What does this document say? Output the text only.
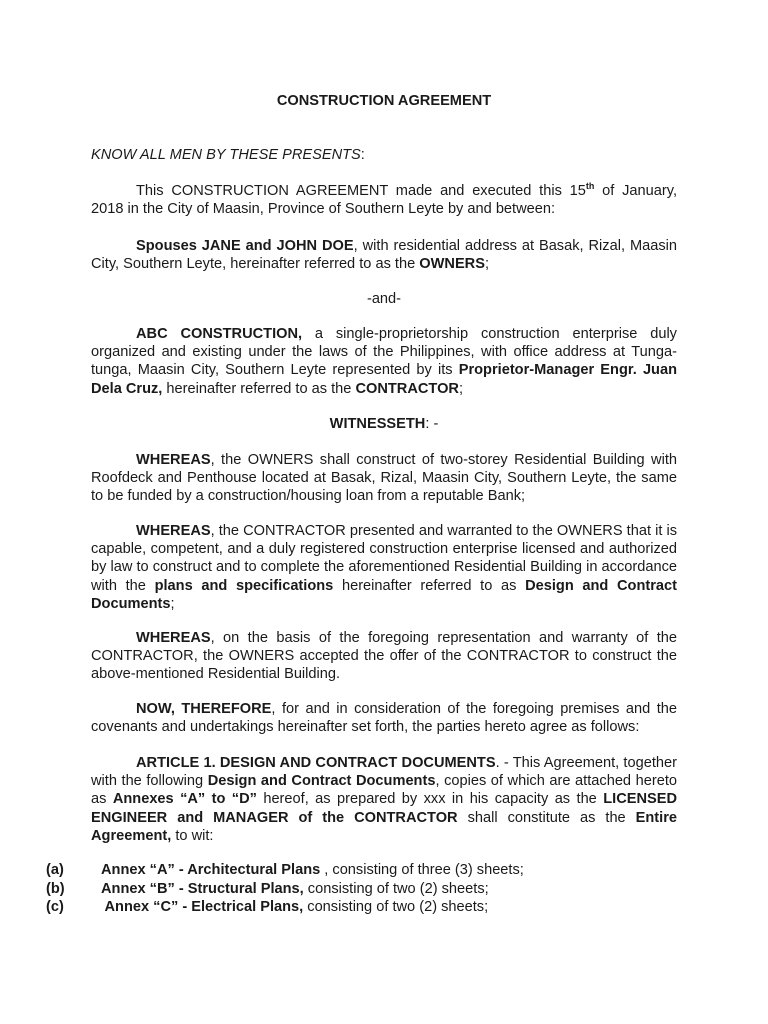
CONSTRUCTION AGREEMENT
KNOW ALL MEN BY THESE PRESENTS:

This CONSTRUCTION AGREEMENT made and executed this 15th of January, 2018 in the City of Maasin, Province of Southern Leyte by and between:

Spouses JANE and JOHN DOE, with residential address at Basak, Rizal, Maasin City, Southern Leyte, hereinafter referred to as the OWNERS;

-and-

ABC CONSTRUCTION, a single-proprietorship construction enterprise duly organized and existing under the laws of the Philippines, with office address at Tunga-tunga, Maasin City, Southern Leyte represented by its Proprietor-Manager Engr. Juan Dela Cruz, hereinafter referred to as the CONTRACTOR;

WITNESSETH: -

WHEREAS, the OWNERS shall construct of two-storey Residential Building with Roofdeck and Penthouse located at Basak, Rizal, Maasin City, Southern Leyte, the same to be funded by a construction/housing loan from a reputable Bank;

WHEREAS, the CONTRACTOR presented and warranted to the OWNERS that it is capable, competent, and a duly registered construction enterprise licensed and authorized by law to construct and to complete the aforementioned Residential Building in accordance with the plans and specifications hereinafter referred to as Design and Contract Documents;

WHEREAS, on the basis of the foregoing representation and warranty of the CONTRACTOR, the OWNERS accepted the offer of the CONTRACTOR to construct the above-mentioned Residential Building.

NOW, THEREFORE, for and in consideration of the foregoing premises and the covenants and undertakings hereinafter set forth, the parties hereto agree as follows:

ARTICLE 1. DESIGN AND CONTRACT DOCUMENTS. - This Agreement, together with the following Design and Contract Documents, copies of which are attached hereto as Annexes “A” to “D” hereof, as prepared by xxx in his capacity as the LICENSED ENGINEER and MANAGER of the CONTRACTOR shall constitute as the Entire Agreement, to wit:

(a)	Annex “A” - Architectural Plans , consisting of three (3) sheets;
(b) Annex “B” - Structural Plans, consisting of two (2) sheets;
(c)	Annex “C” - Electrical Plans, consisting of two (2) sheets;
